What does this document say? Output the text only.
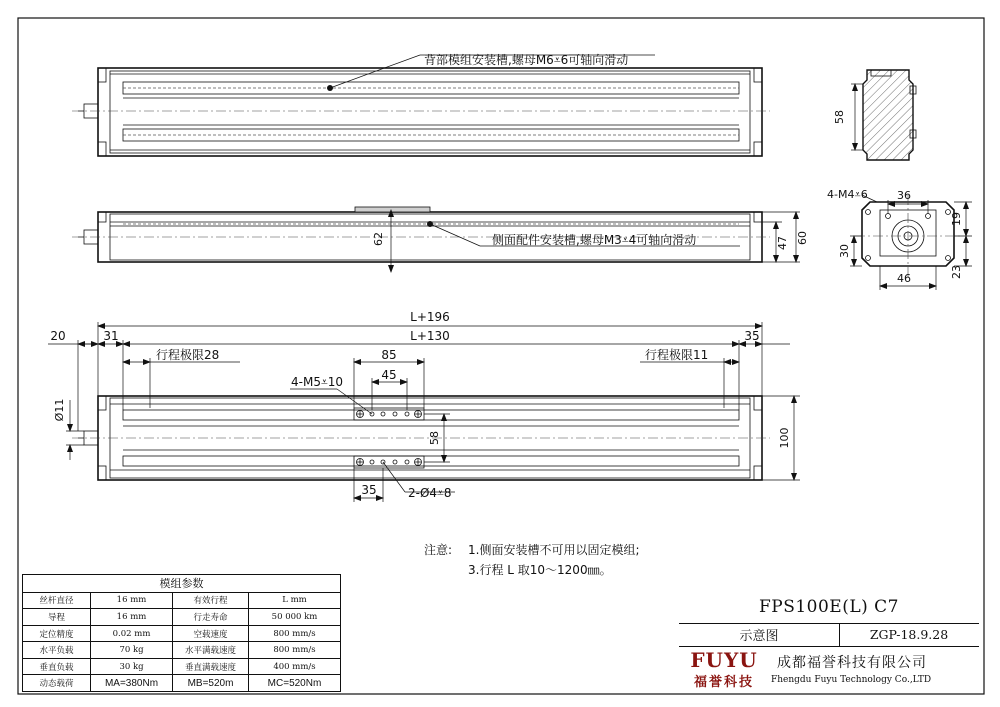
背部模组安装槽,螺母M6⩡6可轴向滑动
58
62	侧面配件安装槽,螺母M3⩡4可轴向滑动	47 60
4-M4⩡6	36
19
30
23
46
L+196
L+130
20	31	35
行程极限28	行程极限11
85
45
4-M5⩡10
Ø11
58	100
35	2-Ø4⩡8
注意: 1.侧面安装槽不可用以固定模组;
3.行程 L 取10～1200㎜。
模组参数			
丝杆直径	16 mm	有效行程	L mm
导程	16 mm	行走寿命	50 000 km
定位精度	0.02 mm	空载速度	800 mm/s
水平负载	70 kg	水平满载速度	800 mm/s
垂直负载	30 kg	垂直满载速度	400 mm/s
动态载荷	MA=380Nm	MB=520m	MC=520Nm
FPS100E(L) C7
示意图	ZGP-18.9.28
FUYU
福誉科技
成都福誉科技有限公司
Fhengdu Fuyu Technology Co.,LTD
